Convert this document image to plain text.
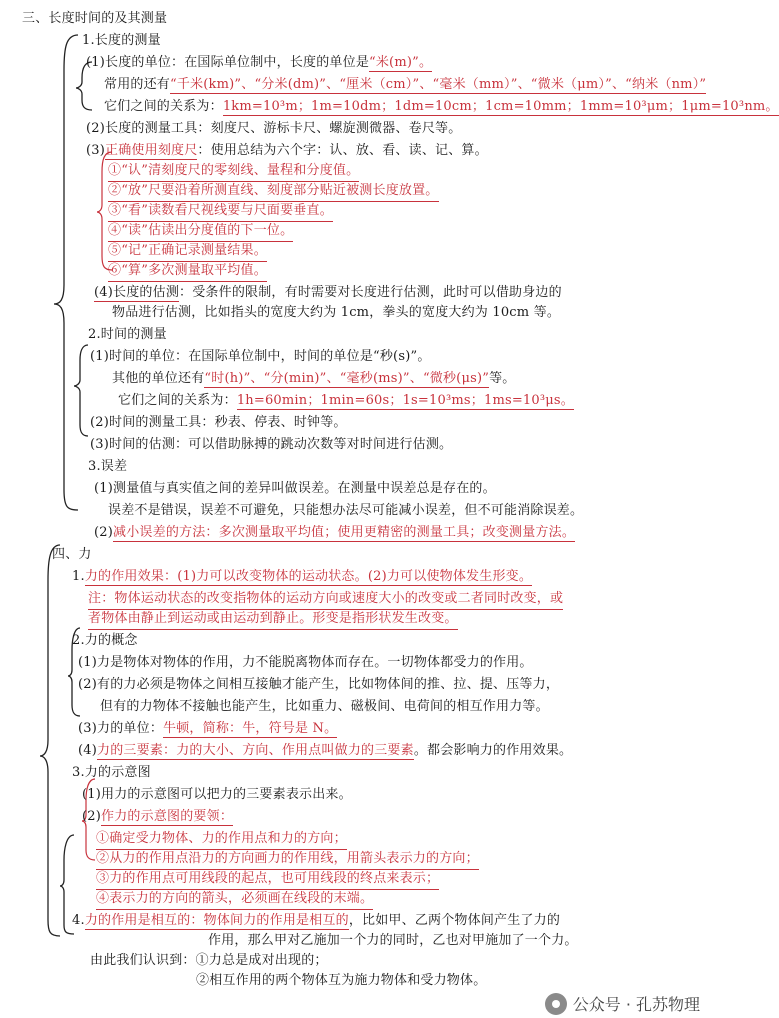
三、长度时间的及其测量
1.长度的测量
(1)长度的单位：在国际单位制中，长度的单位是“米(m)”。
常用的还有“千米(km)”、“分米(dm)”、“厘米（cm）”、“毫米（mm）”、“微米（μm）”、“纳米（nm）”
它们之间的关系为：1km=10³m；1m=10dm；1dm=10cm；1cm=10mm；1mm=10³μm；1μm=10³nm。
(2)长度的测量工具：刻度尺、游标卡尺、螺旋测微器、卷尺等。
(3)正确使用刻度尺：使用总结为六个字：认、放、看、读、记、算。
①“认”清刻度尺的零刻线、量程和分度值。
②“放”尺要沿着所测直线、刻度部分贴近被测长度放置。
③“看”读数看尺视线要与尺面要垂直。
④“读”估读出分度值的下一位。
⑤“记”正确记录测量结果。
⑥“算”多次测量取平均值。
(4)长度的估测：受条件的限制，有时需要对长度进行估测，此时可以借助身边的
物品进行估测，比如指头的宽度大约为 1cm，拳头的宽度大约为 10cm 等。
2.时间的测量
(1)时间的单位：在国际单位制中，时间的单位是“秒(s)”。
其他的单位还有“时(h)”、“分(min)”、“毫秒(ms)”、“微秒(μs)”等。
它们之间的关系为：1h=60min；1min=60s；1s=10³ms；1ms=10³μs。
(2)时间的测量工具：秒表、停表、时钟等。
(3)时间的估测：可以借助脉搏的跳动次数等对时间进行估测。
3.误差
(1)测量值与真实值之间的差异叫做误差。在测量中误差总是存在的。
误差不是错误，误差不可避免，只能想办法尽可能减小误差，但不可能消除误差。
(2)减小误差的方法：多次测量取平均值；使用更精密的测量工具；改变测量方法。
四、力
1.力的作用效果：(1)力可以改变物体的运动状态。(2)力可以使物体发生形变。
注：物体运动状态的改变指物体的运动方向或速度大小的改变或二者同时改变，或
者物体由静止到运动或由运动到静止。形变是指形状发生改变。
2.力的概念
(1)力是物体对物体的作用，力不能脱离物体而存在。一切物体都受力的作用。
(2)有的力必须是物体之间相互接触才能产生，比如物体间的推、拉、提、压等力，
但有的力物体不接触也能产生，比如重力、磁极间、电荷间的相互作用力等。
(3)力的单位：牛顿，简称：牛，符号是 N。
(4)力的三要素：力的大小、方向、作用点叫做力的三要素。都会影响力的作用效果。
3.力的示意图
(1)用力的示意图可以把力的三要素表示出来。
(2)作力的示意图的要领：
①确定受力物体、力的作用点和力的方向；
②从力的作用点沿力的方向画力的作用线，用箭头表示力的方向；
③力的作用点可用线段的起点，也可用线段的终点来表示；
④表示力的方向的箭头，必须画在线段的末端。
4.力的作用是相互的：物体间力的作用是相互的，比如甲、乙两个物体间产生了力的
作用，那么甲对乙施加一个力的同时，乙也对甲施加了一个力。
由此我们认识到：①力总是成对出现的；
②相互作用的两个物体互为施力物体和受力物体。
公众号 · 孔苏物理
